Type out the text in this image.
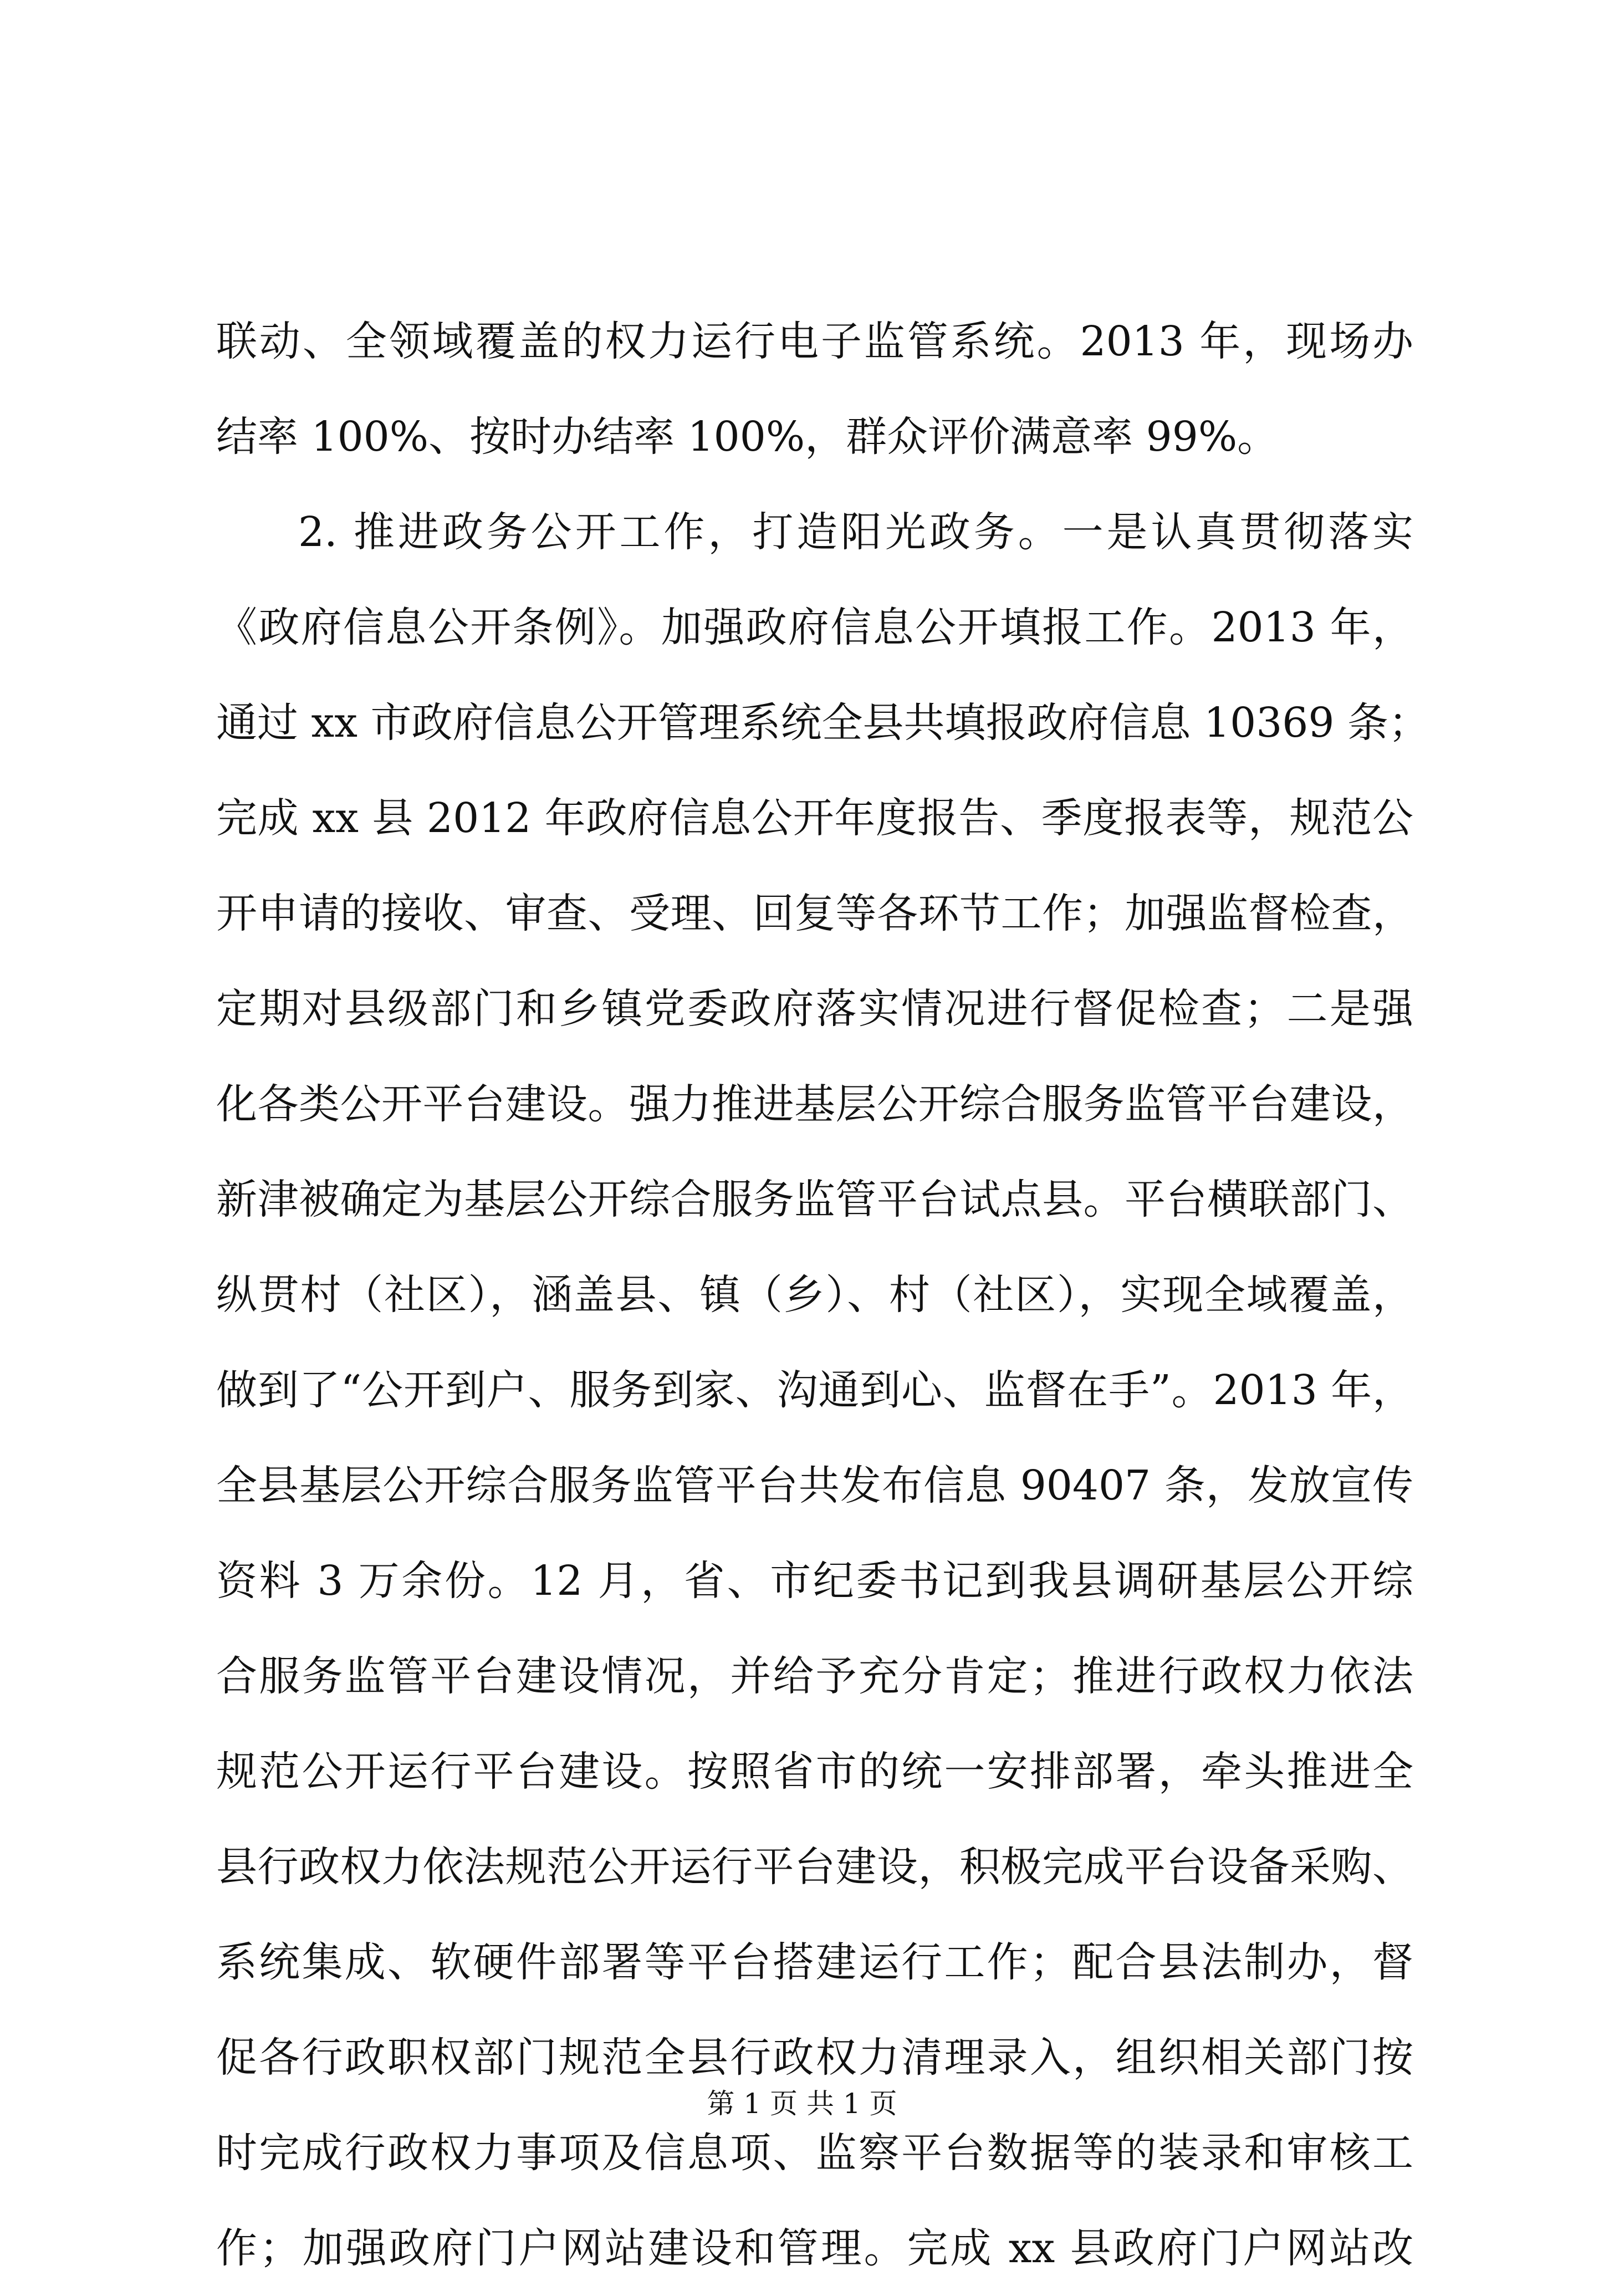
联动、全领域覆盖的权力运行电子监管系统。2013 年，现场办
结率 100%、按时办结率 100%，群众评价满意率 99%。
2. 推进政务公开工作，打造阳光政务。一是认真贯彻落实
《政府信息公开条例》。加强政府信息公开填报工作。2013 年，
通过 xx 市政府信息公开管理系统全县共填报政府信息 10369 条；
完成 xx 县 2012 年政府信息公开年度报告、季度报表等，规范公
开申请的接收、审查、受理、回复等各环节工作；加强监督检查，
定期对县级部门和乡镇党委政府落实情况进行督促检查；二是强
化各类公开平台建设。强力推进基层公开综合服务监管平台建设，
新津被确定为基层公开综合服务监管平台试点县。平台横联部门、
纵贯村（社区），涵盖县、镇（乡）、村（社区），实现全域覆盖，
做到了“公开到户、服务到家、沟通到心、监督在手”。2013 年，
全县基层公开综合服务监管平台共发布信息 90407 条，发放宣传
资料 3 万余份。12 月，省、市纪委书记到我县调研基层公开综
合服务监管平台建设情况，并给予充分肯定；推进行政权力依法
规范公开运行平台建设。按照省市的统一安排部署，牵头推进全
县行政权力依法规范公开运行平台建设，积极完成平台设备采购、
系统集成、软硬件部署等平台搭建运行工作；配合县法制办，督
促各行政职权部门规范全县行政权力清理录入，组织相关部门按
时完成行政权力事项及信息项、监察平台数据等的装录和审核工
作；加强政府门户网站建设和管理。完成 xx 县政府门户网站改
第 1 页 共 1 页
